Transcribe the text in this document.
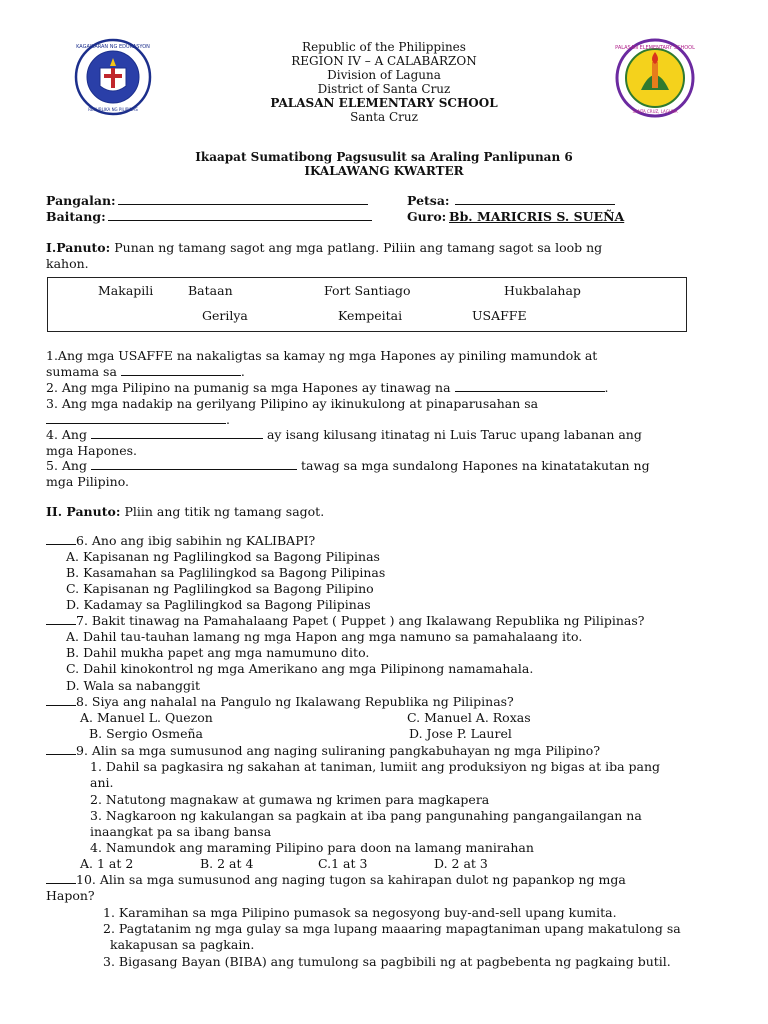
KAGAWARAN NG EDUKASYON
REPUBLIKA NG PILIPINAS
PALASAN ELEMENTARY SCHOOL
SANTA CRUZ, LAGUNA
Republic of the Philippines
REGION IV – A CALABARZON
Division of Laguna
District of Santa Cruz
PALASAN ELEMENTARY SCHOOL
Santa Cruz
Ikaapat Sumatibong Pagsusulit sa Araling Panlipunan 6
IKALAWANG KWARTER
Pangalan:	Petsa:
Baitang:	Guro: Bb. MARICRIS S. SUEÑA
I.Panuto: Punan ng tamang sagot ang mga patlang. Piliin ang tamang sagot sa loob ng
kahon.
Makapili	Bataan	Fort Santiago	Hukbalahap
Gerilya	Kempeitai	USAFFE
1.Ang mga USAFFE na nakaligtas sa kamay ng mga Hapones ay piniling mamundok at
sumama sa	.
2. Ang mga Pilipino na pumanig sa mga Hapones ay tinawag na	.
3. Ang mga nadakip na gerilyang Pilipino ay ikinukulong at pinaparusahan sa
.
4. Ang	ay isang kilusang itinatag ni Luis Taruc upang labanan ang
mga Hapones.
5. Ang	tawag sa mga sundalong Hapones na kinatatakutan ng
mga Pilipino.
II. Panuto: Pliin ang titik ng tamang sagot.
6. Ano ang ibig sabihin ng KALIBAPI?
A. Kapisanan ng Paglilingkod sa Bagong Pilipinas
B. Kasamahan sa Paglilingkod sa Bagong Pilipinas
C. Kapisanan ng Paglilingkod sa Bagong Pilipino
D. Kadamay sa Paglilingkod sa Bagong Pilipinas
7. Bakit tinawag na Pamahalaang Papet ( Puppet ) ang Ikalawang Republika ng Pilipinas?
A. Dahil tau-tauhan lamang ng mga Hapon ang mga namuno sa pamahalaang ito.
B. Dahil mukha papet ang mga namumuno dito.
C. Dahil kinokontrol ng mga Amerikano ang mga Pilipinong namamahala.
D. Wala sa nabanggit
8. Siya ang nahalal na Pangulo ng Ikalawang Republika ng Pilipinas?
A. Manuel L. Quezon	C. Manuel A. Roxas
B. Sergio Osmeña	D. Jose P. Laurel
9. Alin sa mga sumusunod ang naging suliraning pangkabuhayan ng mga Pilipino?
1. Dahil sa pagkasira ng sakahan at taniman, lumiit ang produksiyon ng bigas at iba pang
ani.
2. Natutong magnakaw at gumawa ng krimen para magkapera
3. Nagkaroon ng kakulangan sa pagkain at iba pang pangunahing pangangailangan na
inaangkat pa sa ibang bansa
4. Namundok ang maraming Pilipino para doon na lamang manirahan
A. 1 at 2	B. 2 at 4	C.1 at 3	D. 2 at 3
10. Alin sa mga sumusunod ang naging tugon sa kahirapan dulot ng papankop ng mga
Hapon?
1. Karamihan sa mga Pilipino pumasok sa negosyong buy-and-sell upang kumita.
2. Pagtatanim ng mga gulay sa mga lupang maaaring mapagtaniman upang makatulong sa
kakapusan sa pagkain.
3. Bigasang Bayan (BIBA) ang tumulong sa pagbibili ng at pagbebenta ng pagkaing butil.
